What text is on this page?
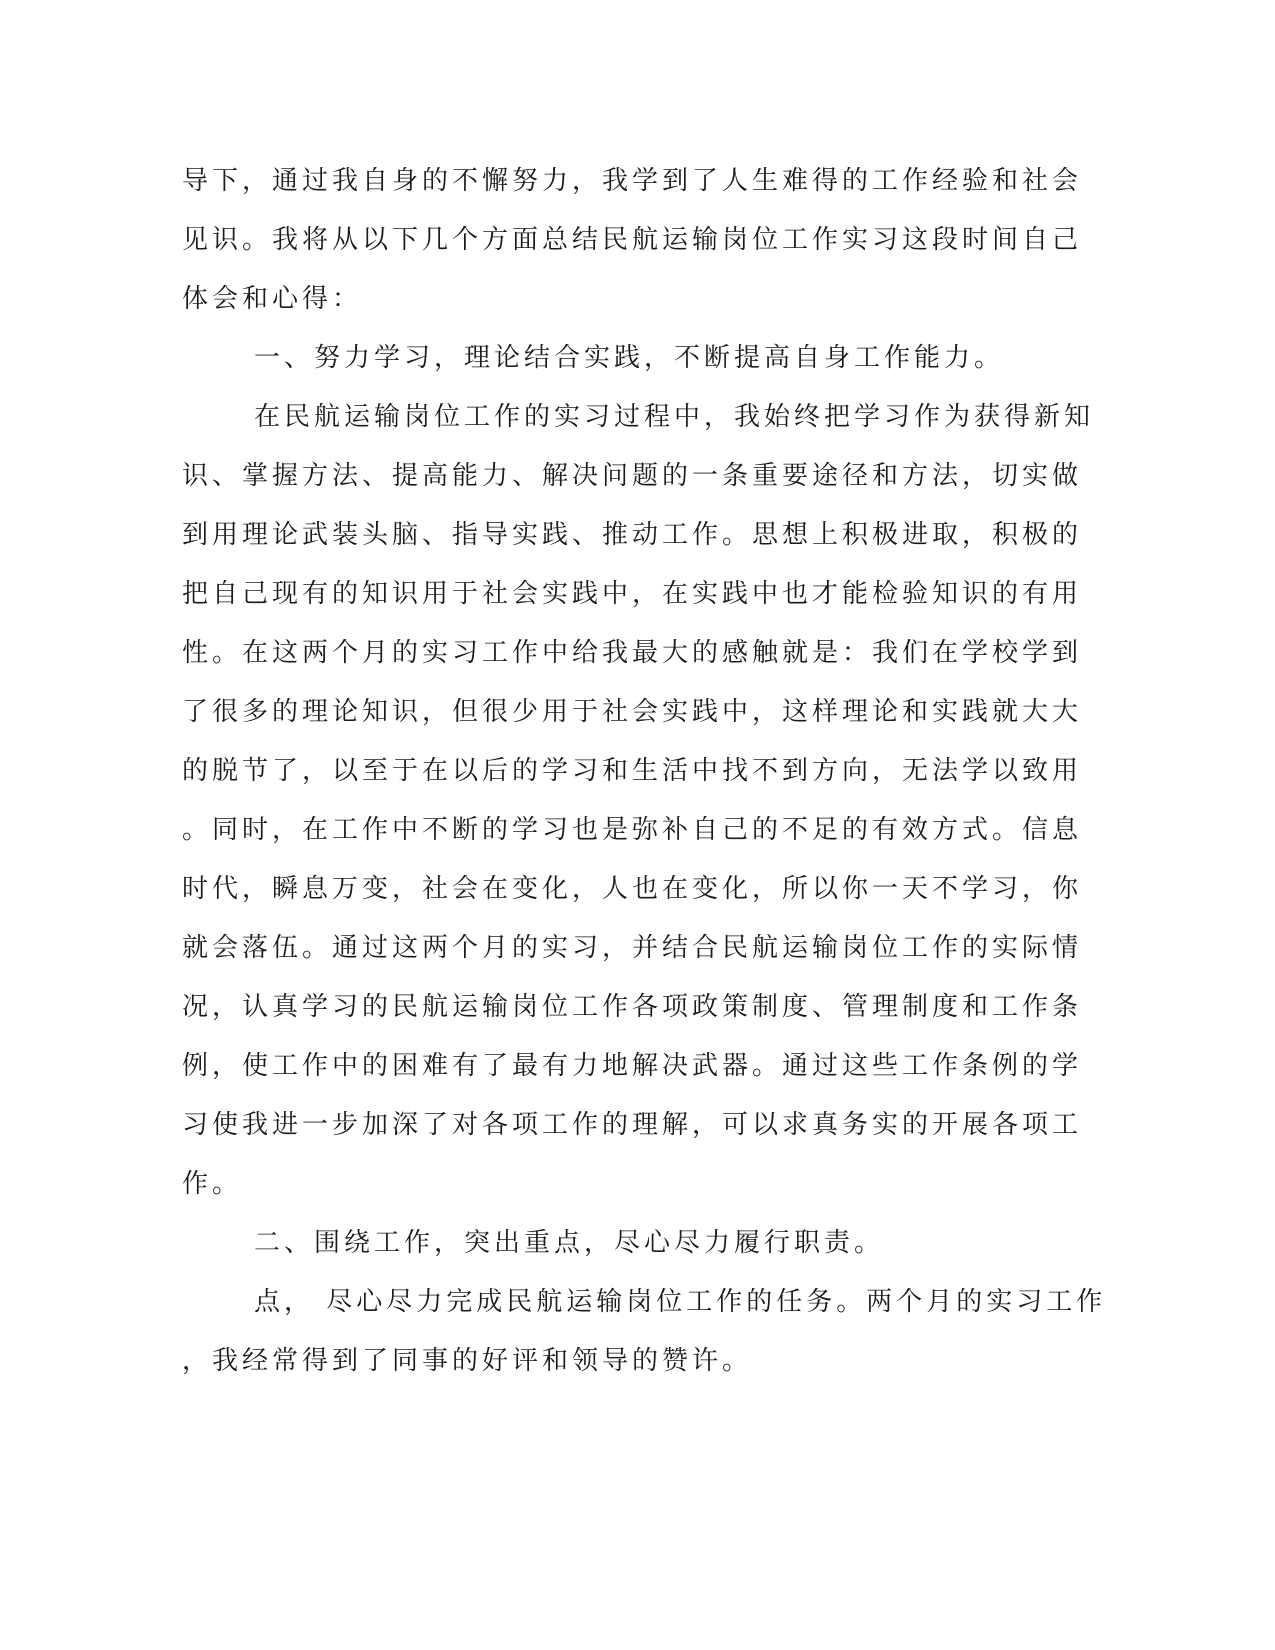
导下，通过我自身的不懈努力，我学到了人生难得的工作经验和社会
见识。我将从以下几个方面总结民航运输岗位工作实习这段时间自己
体会和心得：
一、努力学习，理论结合实践，不断提高自身工作能力。
在民航运输岗位工作的实习过程中，我始终把学习作为获得新知
识、掌握方法、提高能力、解决问题的一条重要途径和方法，切实做
到用理论武装头脑、指导实践、推动工作。思想上积极进取，积极的
把自己现有的知识用于社会实践中，在实践中也才能检验知识的有用
性。在这两个月的实习工作中给我最大的感触就是：我们在学校学到
了很多的理论知识，但很少用于社会实践中，这样理论和实践就大大
的脱节了，以至于在以后的学习和生活中找不到方向，无法学以致用
。同时，在工作中不断的学习也是弥补自己的不足的有效方式。信息
时代，瞬息万变，社会在变化，人也在变化，所以你一天不学习，你
就会落伍。通过这两个月的实习，并结合民航运输岗位工作的实际情
况，认真学习的民航运输岗位工作各项政策制度、管理制度和工作条
例，使工作中的困难有了最有力地解决武器。通过这些工作条例的学
习使我进一步加深了对各项工作的理解，可以求真务实的开展各项工
作。
二、围绕工作，突出重点，尽心尽力履行职责。
点， 尽心尽力完成民航运输岗位工作的任务。两个月的实习工作
，我经常得到了同事的好评和领导的赞许。
